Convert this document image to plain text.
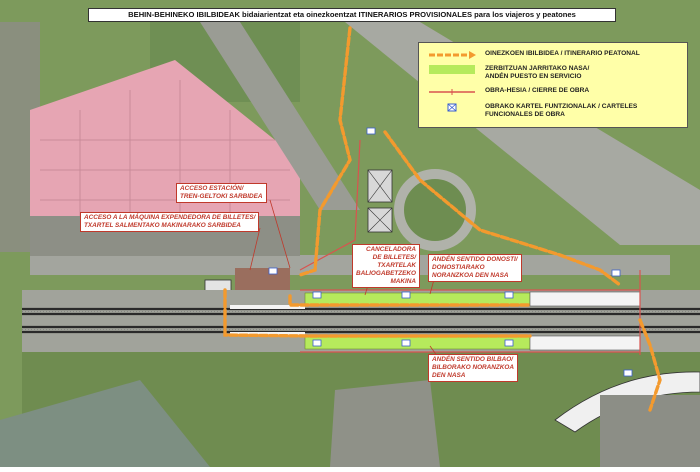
BEHIN-BEHINEKO IBILBIDEAK bidaiarientzat eta oinezkoentzat ITINERARIOS PROVISIONALES para los viajeros y peatones
OINEZKOEN IBILBIDEA / ITINERARIO PEATONAL
ZERBITZUAN JARRITAKO NASA/
ANDÉN PUESTO EN SERVICIO
OBRA-HESIA / CIERRE DE OBRA
OBRAKO KARTEL FUNTZIONALAK / CARTELES
FUNCIONALES DE OBRA
ACCESO ESTACIÓN/
TREN-GELTOKI SARBIDEA
ACCESO A LA MÁQUINA EXPENDEDORA DE BILLETES/
TXARTEL SALMENTAKO MAKINARAKO SARBIDEA
CANCELADORA
DE BILLETES/
TXARTELAK
BALIOGABETZEKO
MAKINA
ANDÉN SENTIDO DONOSTI/
DONOSTIARAKO
NORANZKOA DEN NASA
ANDÉN SENTIDO BILBAO/
BILBORAKO NORANZKOA
DEN NASA
